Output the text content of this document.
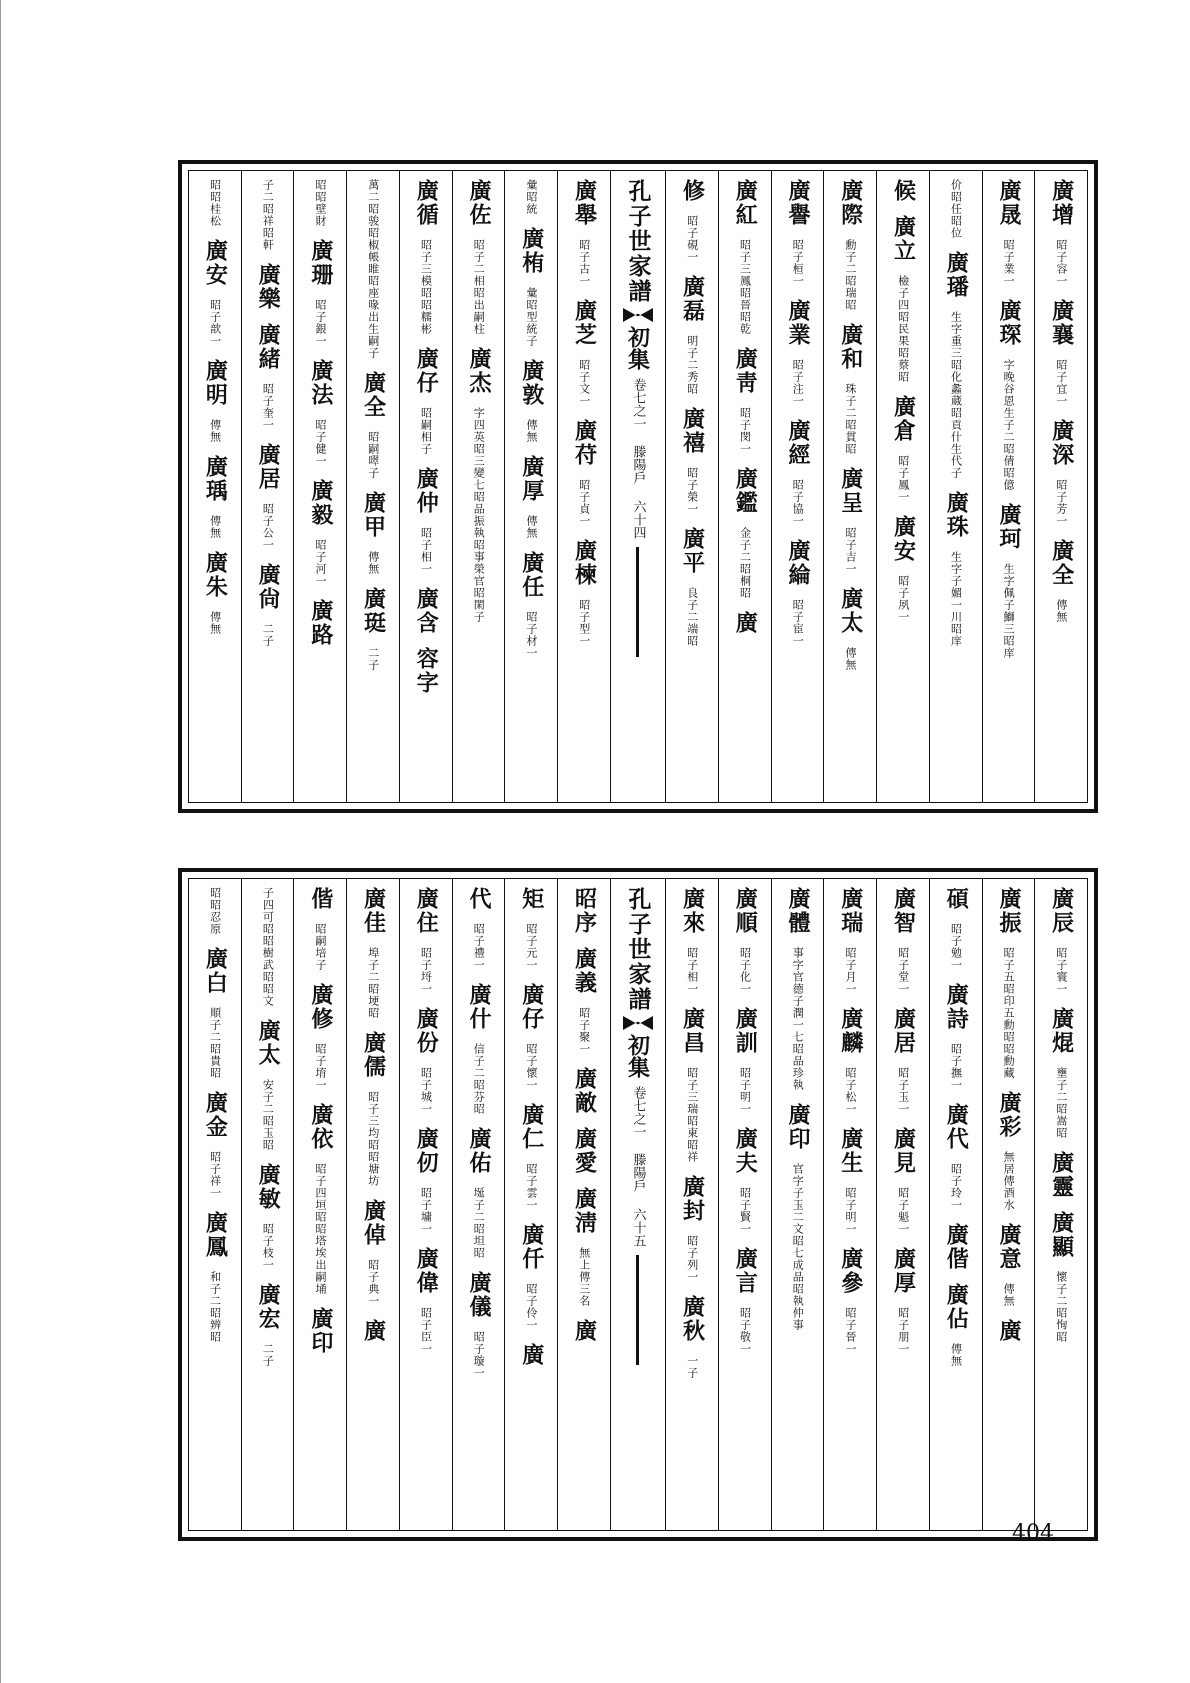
廣增
昭子容一
廣襄
昭子宜一
廣深
昭子芳一
廣全
傳無
廣晟
昭子業一
廣琛
字晚谷恩生子二昭倩昭億
廣珂
生字佩子鰤三昭庠
价昭任昭位
廣璠
生字重三昭化蠡蔵昭貢什生代子
廣珠
生字子媚一川昭庠
候
廣立
檢子四昭民果昭蔡昭
廣倉
昭子鳳一
廣安
昭子夙一
廣際
勳子二昭瑞昭
廣和
珠子二昭貫昭
廣呈
昭子吉一
廣太
傳無
廣譽
昭子桓一
廣業
昭子注一
廣經
昭子協一
廣綸
昭子宦一
廣紅
昭子三鳳昭晉昭乾
廣靑
昭子閔一
廣鑑
金子二昭桐昭
廣
修
昭子硯一
廣磊
明子二秀昭
廣禧
昭子榮一
廣平
良子二端昭
孔子世家譜
初集
卷七之一 滕陽戶
六十四
廣舉
昭子古一
廣芝
昭子文一
廣苻
昭子貞一
廣楝
昭子型一
彙昭統
廣栯
彙昭型統子
廣敦
傳無
廣厚
傳無
廣任
昭子材一
廣佐
昭子二相昭出嗣柱
廣杰
字四英昭三變七昭品振執昭事榮官昭閑子
廣循
昭子三模昭昭糯彬
廣仔
昭嗣相子
廣仲
昭子相一
廣含
容字
萬二昭骏昭椒帳睢昭座喙出生嗣子
廣全
昭嗣噿子
廣甲
傳無
廣珽
二子
昭昭壁財
廣珊
昭子銀一
廣法
昭子健一
廣毅
昭子河一
廣路
子二昭祥昭軒
廣樂
廣緒
昭子奎一
廣居
昭子公一
廣尙
二子
昭昭桂松
廣安
昭子歆一
廣明
傳無
廣瑀
傳無
廣朱
傳無
廣辰
昭子寰一
廣焜
壅子二昭嵩昭
廣靈
廣顯
懷子二昭恂昭
廣振
昭子五昭印五勳昭昭勳藏
廣彩
無居傳酒水
廣意
傳無
廣
碩
昭子勉一
廣詩
昭子撫一
廣代
昭子玲一
廣偕
廣佔
傳無
廣智
昭子堂一
廣居
昭子玉一
廣見
昭子魁一
廣厚
昭子朋一
廣瑞
昭子月一
廣麟
昭子松一
廣生
昭子明一
廣參
昭子晉一
廣體
事字官德子潤一七昭品珍執
廣印
官字子玉二文昭七成品昭執仲事
廣順
昭子化一
廣訓
昭子明一
廣夫
昭子賢一
廣言
昭子敬一
廣來
昭子相一
廣昌
昭子三瑞昭東昭祥
廣封
昭子列一
廣秋
一子
孔子世家譜
初集
卷七之一 滕陽戶
六十五
昭序
廣義
昭子聚一
廣敵
廣愛
廣淸
無上傳三名
廣
矩
昭子元一
廣仔
昭子懷一
廣仁
昭子雲一
廣仟
昭子伶一
廣
代
昭子禮一
廣什
信子二昭芬昭
廣佑
埏子二昭坦昭
廣儀
昭子璇一
廣住
昭子埒一
廣份
昭子城一
廣仞
昭子墉一
廣偉
昭子臣一
廣佳
埠子二昭埂昭
廣儒
昭子三均昭昭塘坊
廣倬
昭子典一
廣
偕
昭嗣培子
廣修
昭子堉一
廣依
昭子四垣昭昭塔埃出嗣埇
廣印
子四可昭昭樹武昭昭文
廣太
安子二昭玉昭
廣敏
昭子枝一
廣宏
二子
昭昭忍原
廣白
順子二昭貴昭
廣金
昭子祥一
廣鳳
和子二昭辨昭
404
